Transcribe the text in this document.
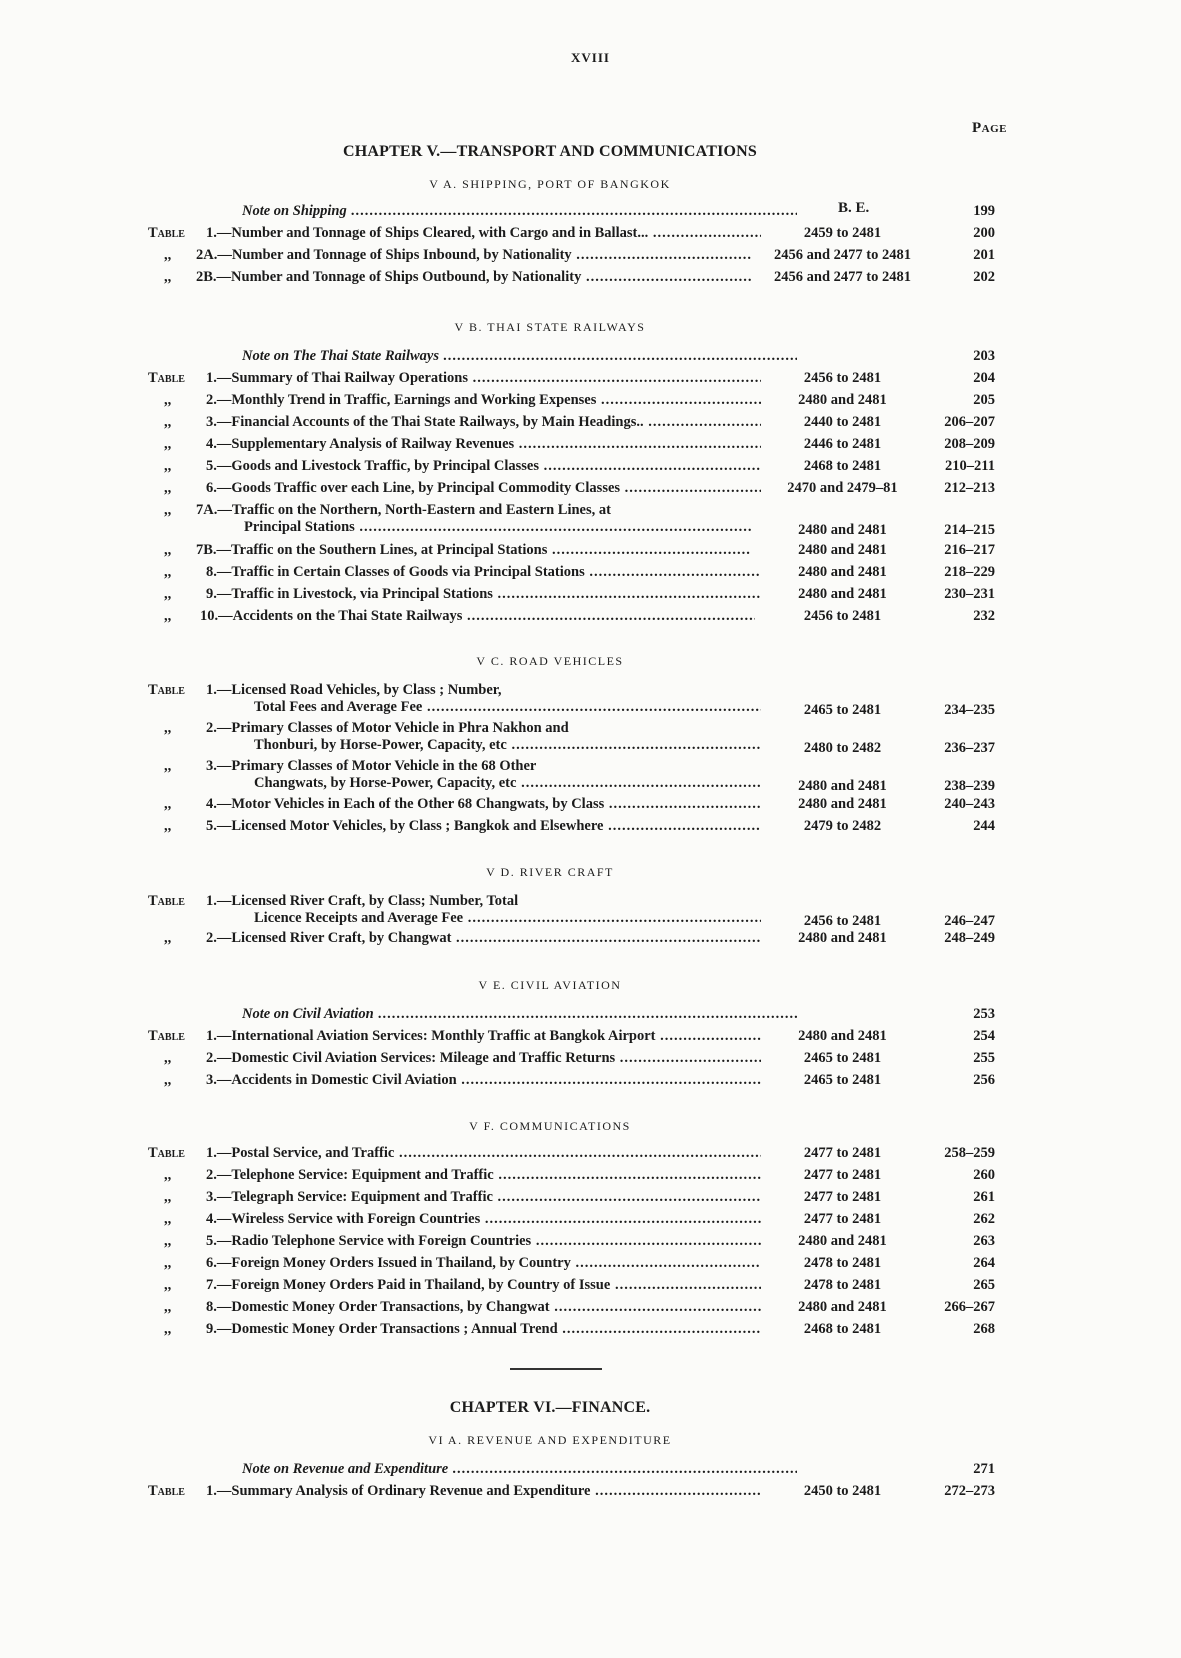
XVIII
Page
CHAPTER V.—TRANSPORT AND COMMUNICATIONS
V A. SHIPPING, PORT OF BANGKOK
B. E.
Note on Shipping .....	199
Table 1.—Number and Tonnage of Ships Cleared, with Cargo and in Ballast... .....	2459 to 2481	200
,, 2A.—Number and Tonnage of Ships Inbound, by Nationality .....	2456 and 2477 to 2481	201
,, 2B.—Number and Tonnage of Ships Outbound, by Nationality .....	2456 and 2477 to 2481	202
V B. THAI STATE RAILWAYS
Note on The Thai State Railways .....	203
Table 1.—Summary of Thai Railway Operations .....	2456 to 2481	204
,, 2.—Monthly Trend in Traffic, Earnings and Working Expenses .....	2480 and 2481	205
,, 3.—Financial Accounts of the Thai State Railways, by Main Headings.. .....	2440 to 2481	206–207
,, 4.—Supplementary Analysis of Railway Revenues .....	2446 to 2481	208–209
,, 5.—Goods and Livestock Traffic, by Principal Classes .....	2468 to 2481	210–211
,, 6.—Goods Traffic over each Line, by Principal Commodity Classes .....	2470 and 2479–81	212–213
,, 7A.—Traffic on the Northern, North-Eastern and Eastern Lines, at
Principal Stations .....	2480 and 2481	214–215
,, 7B.—Traffic on the Southern Lines, at Principal Stations .....	2480 and 2481	216–217
,, 8.—Traffic in Certain Classes of Goods via Principal Stations .....	2480 and 2481	218–229
,, 9.—Traffic in Livestock, via Principal Stations .....	2480 and 2481	230–231
,, 10.—Accidents on the Thai State Railways .....	2456 to 2481	232
V C. ROAD VEHICLES
Table 1.—Licensed Road Vehicles, by Class ; Number,
Total Fees and Average Fee .....	2465 to 2481	234–235
,, 2.—Primary Classes of Motor Vehicle in Phra Nakhon and
Thonburi, by Horse-Power, Capacity, etc .....	2480 to 2482	236–237
,, 3.—Primary Classes of Motor Vehicle in the 68 Other
Changwats, by Horse-Power, Capacity, etc .....	2480 and 2481	238–239
,, 4.—Motor Vehicles in Each of the Other 68 Changwats, by Class .....	2480 and 2481	240–243
,, 5.—Licensed Motor Vehicles, by Class ; Bangkok and Elsewhere .....	2479 to 2482	244
V D. RIVER CRAFT
Table 1.—Licensed River Craft, by Class; Number, Total
Licence Receipts and Average Fee .....	2456 to 2481	246–247
,, 2.—Licensed River Craft, by Changwat .....	2480 and 2481	248–249
V E. CIVIL AVIATION
Note on Civil Aviation .....	253
Table 1.—International Aviation Services: Monthly Traffic at Bangkok Airport .....	2480 and 2481	254
,, 2.—Domestic Civil Aviation Services: Mileage and Traffic Returns .....	2465 to 2481	255
,, 3.—Accidents in Domestic Civil Aviation .....	2465 to 2481	256
V F. COMMUNICATIONS
Table 1.—Postal Service, and Traffic .....	2477 to 2481	258–259
,, 2.—Telephone Service: Equipment and Traffic .....	2477 to 2481	260
,, 3.—Telegraph Service: Equipment and Traffic .....	2477 to 2481	261
,, 4.—Wireless Service with Foreign Countries .....	2477 to 2481	262
,, 5.—Radio Telephone Service with Foreign Countries .....	2480 and 2481	263
,, 6.—Foreign Money Orders Issued in Thailand, by Country .....	2478 to 2481	264
,, 7.—Foreign Money Orders Paid in Thailand, by Country of Issue .....	2478 to 2481	265
,, 8.—Domestic Money Order Transactions, by Changwat .....	2480 and 2481	266–267
,, 9.—Domestic Money Order Transactions ; Annual Trend .....	2468 to 2481	268
CHAPTER VI.—FINANCE.
VI A. REVENUE AND EXPENDITURE
Note on Revenue and Expenditure .....	271
Table 1.—Summary Analysis of Ordinary Revenue and Expenditure .....	2450 to 2481	272–273
